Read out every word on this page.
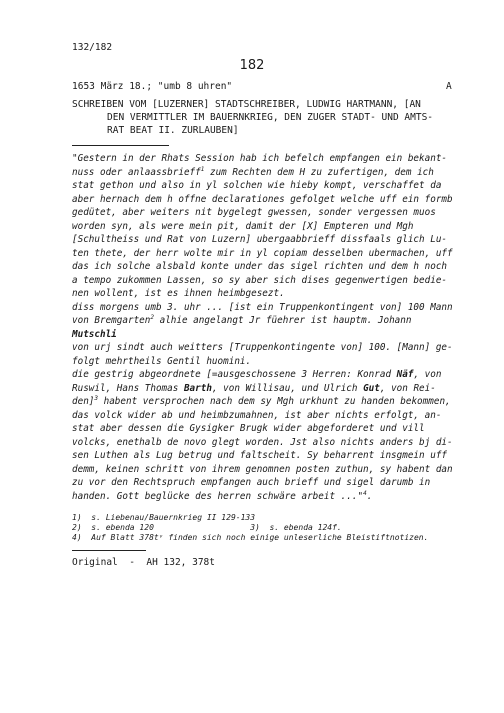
132/182
182
1653 März 18.; "umb 8 uhren"	A
SCHREIBEN VOM [LUZERNER] STADTSCHREIBER, LUDWIG HARTMANN, [AN
DEN VERMITTLER IM BAUERNKRIEG, DEN ZUGER STADT- UND AMTS-
RAT BEAT II. ZURLAUBEN]
"Gestern in der Rhats Session hab ich befelch empfangen ein bekant-
nuss oder anlaassbrieff$^1$ zum Rechten dem H zu zufertigen, dem ich
stat gethon und also in yl solchen wie hieby kompt, verschaffet da
aber hernach dem h offne declarationes gefolget welche uff ein formb
gedütet, aber weiters nit bygelegt gwessen, sonder vergessen muos
worden syn, als were mein pit, damit der [X] Empteren und Mgh
[Schultheiss und Rat von Luzern] ubergaabbrieff dissfaals glich Lu-
ten thete, der herr wolte mir in yl copiam desselben ubermachen, uff
das ich solche alsbald konte under das sigel richten und dem h noch
a tempo zukommen Lassen, so sy aber sich dises gegenwertigen bedie-
nen wollent, ist es ihnen heimbgesezt.
diss morgens umb 3. uhr ... [ist ein Truppenkontingent von] 100 Mann
von Bremgarten$^2$ alhie angelangt Jr füehrer ist hauptm. Johann
Mutschli
von urj sindt auch weitters [Truppenkontingente von] 100. [Mann] ge-
folgt mehrtheils Gentil huomini.
die gestrig abgeordnete [=ausgeschossene 3 Herren: Konrad Näf, von
Ruswil, Hans Thomas Barth, von Willisau, und Ulrich Gut, von Rei-
den]$^3$ habent versprochen nach dem sy Mgh urkhunt zu handen bekommen,
das volck wider ab und heimbzumahnen, ist aber nichts erfolgt, an-
stat aber dessen die Gysigker Brugk wider abgeforderet und vill
volcks, enethalb de novo glegt worden. Jst also nichts anders bj di-
sen Luthen als Lug betrug und faltscheit. Sy beharrent insgmein uff
demm, keinen schritt von ihrem genomnen posten zuthun, sy habent dan
zu vor den Rechtspruch empfangen auch brieff und sigel darumb in
handen. Gott beglücke des herren schwäre arbeit ..."$^4$.
1)  s. Liebenau/Bauernkrieg II 129-133
2)  s. ebenda 120                    3)  s. ebenda 124f.
4)  Auf Blatt 378tᵛ finden sich noch einige unleserliche Bleistiftnotizen.
Original  -  AH 132, 378t
